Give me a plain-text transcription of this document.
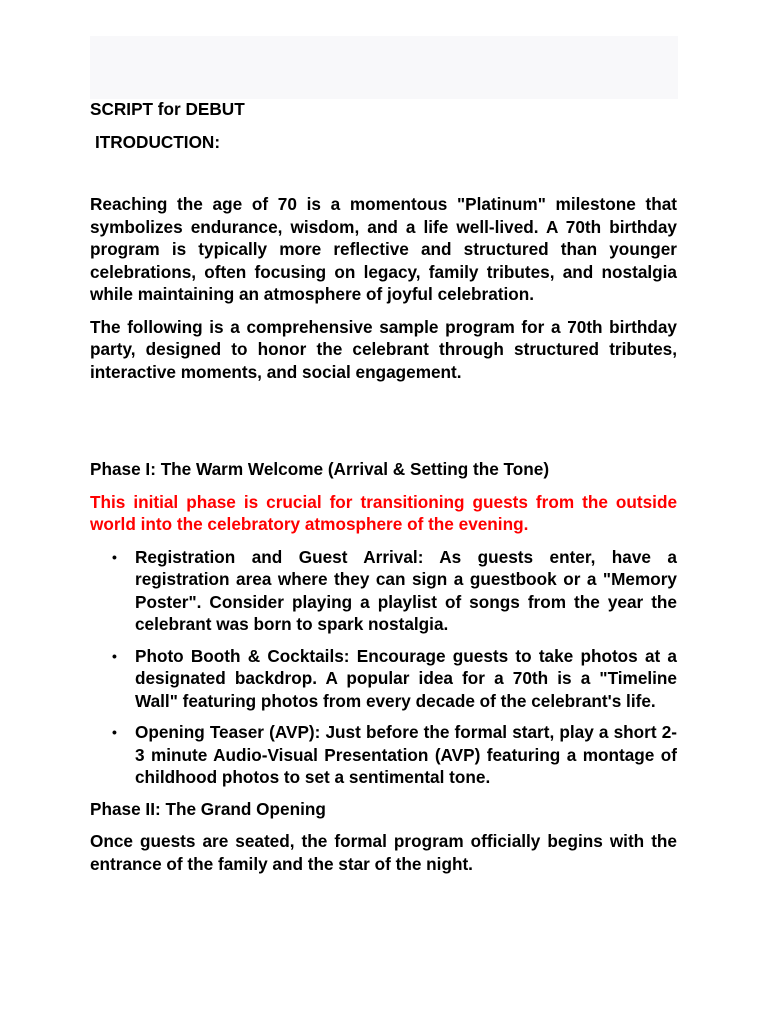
SCRIPT for DEBUT

ITRODUCTION:

Reaching the age of 70 is a momentous "Platinum" milestone that symbolizes endurance, wisdom, and a life well-lived. A 70th birthday program is typically more reflective and structured than younger celebrations, often focusing on legacy, family tributes, and nostalgia while maintaining an atmosphere of joyful celebration.

The following is a comprehensive sample program for a 70th birthday party, designed to honor the celebrant through structured tributes, interactive moments, and social engagement.

Phase I: The Warm Welcome (Arrival & Setting the Tone)

This initial phase is crucial for transitioning guests from the outside world into the celebratory atmosphere of the evening.

• Registration and Guest Arrival: As guests enter, have a registration area where they can sign a guestbook or a "Memory Poster". Consider playing a playlist of songs from the year the celebrant was born to spark nostalgia.
• Photo Booth & Cocktails: Encourage guests to take photos at a designated backdrop. A popular idea for a 70th is a "Timeline Wall" featuring photos from every decade of the celebrant's life.
• Opening Teaser (AVP): Just before the formal start, play a short 2-3 minute Audio-Visual Presentation (AVP) featuring a montage of childhood photos to set a sentimental tone.

Phase II: The Grand Opening

Once guests are seated, the formal program officially begins with the entrance of the family and the star of the night.
